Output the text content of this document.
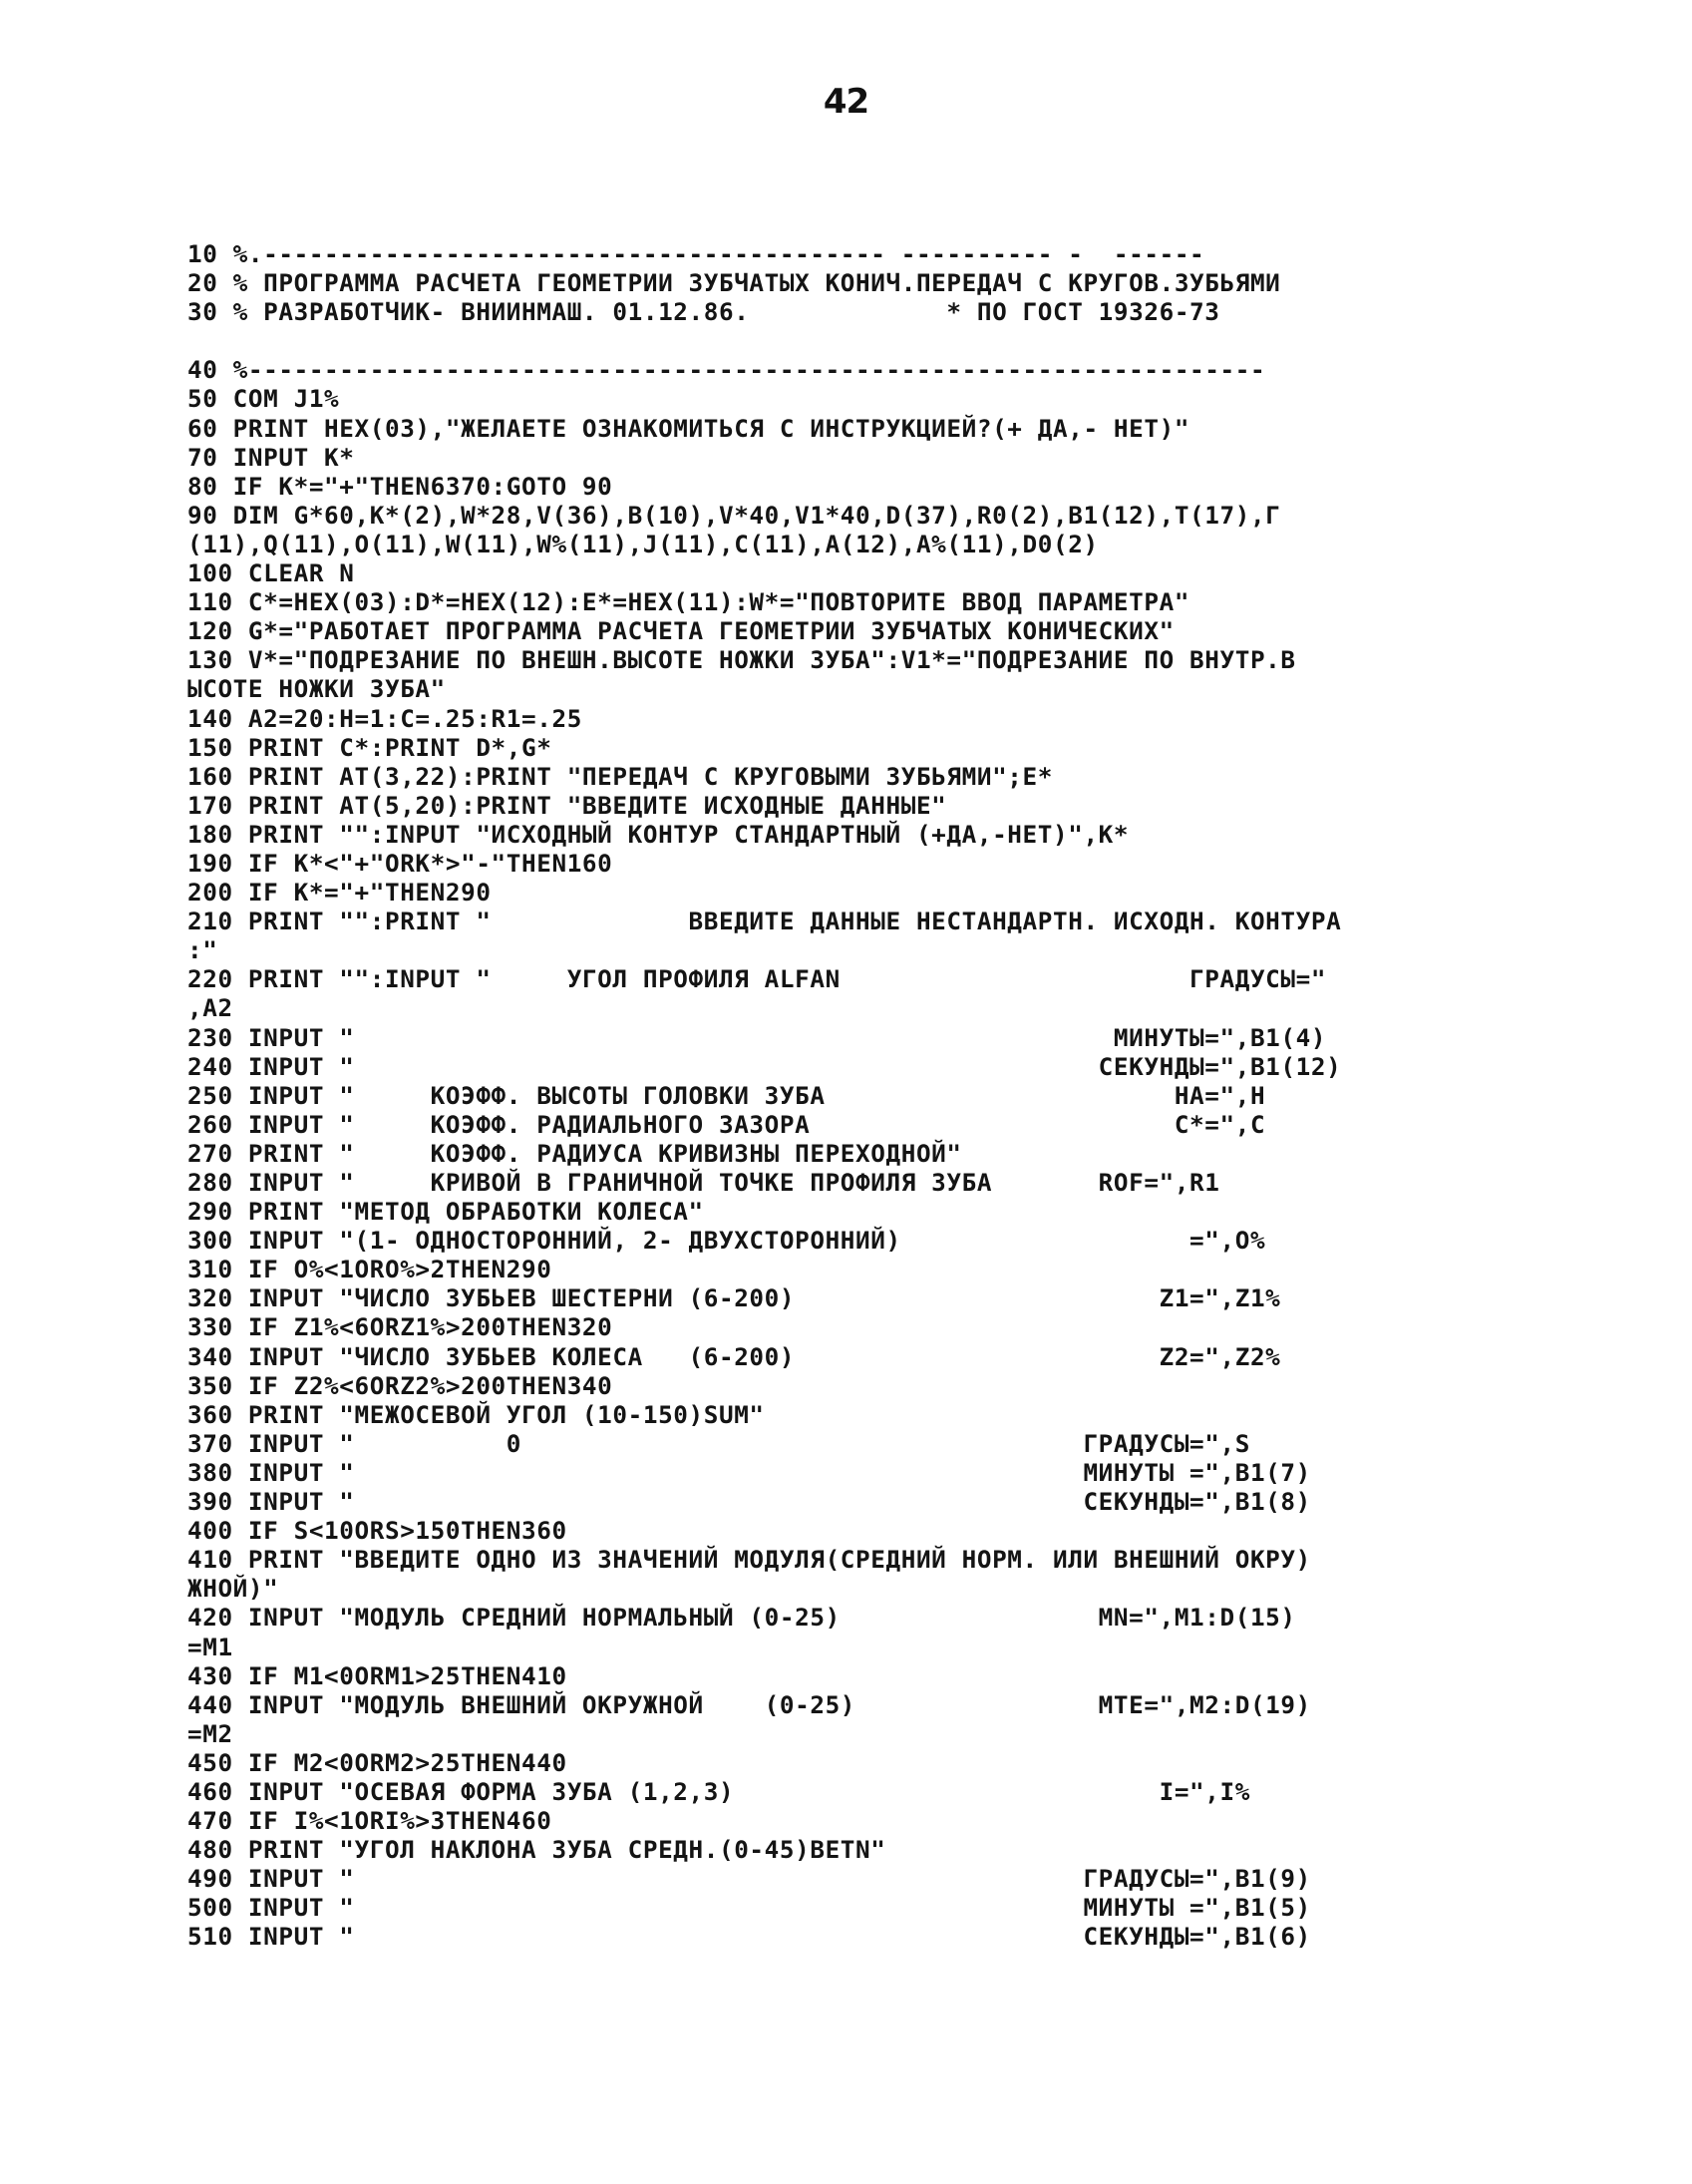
42
10 %.----------------------------------------- ---------- -  ------
20 % ПРОГРАММА РАСЧЕТА ГЕОМЕТРИИ ЗУБЧАТЫХ КОНИЧ.ПЕРЕДАЧ С КРУГОВ.ЗУБЬЯМИ
30 % РАЗРАБОТЧИК- ВНИИНМАШ. 01.12.86.             * ПО ГОСТ 19326-73
40 %-------------------------------------------------------------------
50 COM J1%
60 PRINT HEX(03),"ЖЕЛАЕТЕ ОЗНАКОМИТЬСЯ С ИНСТРУКЦИЕЙ?(+ ДА,- НЕТ)"
70 INPUT K*
80 IF K*="+"THEN6370:GOTO 90
90 DIM G*60,K*(2),W*28,V(36),B(10),V*40,V1*40,D(37),R0(2),B1(12),T(17),Г
(11),Q(11),O(11),W(11),W%(11),J(11),C(11),A(12),A%(11),D0(2)
100 CLEAR N
110 C*=HEX(03):D*=HEX(12):E*=HEX(11):W*="ПОВТОРИТЕ ВВОД ПАРАМЕТРА"
120 G*="РАБОТАЕТ ПРОГРАММА РАСЧЕТА ГЕОМЕТРИИ ЗУБЧАТЫХ КОНИЧЕСКИХ"
130 V*="ПОДРЕЗАНИЕ ПО ВНЕШН.ВЫСОТЕ НОЖКИ ЗУБА":V1*="ПОДРЕЗАНИЕ ПО ВНУТР.В
ЫСОТЕ НОЖКИ ЗУБА"
140 A2=20:H=1:C=.25:R1=.25
150 PRINT C*:PRINT D*,G*
160 PRINT AT(3,22):PRINT "ПЕРЕДАЧ С КРУГОВЫМИ ЗУБЬЯМИ";E*
170 PRINT AT(5,20):PRINT "ВВЕДИТЕ ИСХОДНЫЕ ДАННЫЕ"
180 PRINT "":INPUT "ИСХОДНЫЙ КОНТУР СТАНДАРТНЫЙ (+ДА,-НЕТ)",K*
190 IF K*<"+"ORK*>"-"THEN160
200 IF K*="+"THEN290
210 PRINT "":PRINT "             ВВЕДИТЕ ДАННЫЕ НЕСТАНДАРТН. ИСХОДН. КОНТУРА
:"
220 PRINT "":INPUT "     УГОЛ ПРОФИЛЯ ALFAN                       ГРАДУСЫ="
,A2
230 INPUT "                                                  МИНУТЫ=",B1(4)
240 INPUT "                                                 СЕКУНДЫ=",B1(12)
250 INPUT "     КОЭФФ. ВЫСОТЫ ГОЛОВКИ ЗУБА                       HA=",H
260 INPUT "     КОЭФФ. РАДИАЛЬНОГО ЗАЗОРА                        C*=",C
270 PRINT "     КОЭФФ. РАДИУСА КРИВИЗНЫ ПЕРЕХОДНОЙ"
280 INPUT "     КРИВОЙ В ГРАНИЧНОЙ ТОЧКЕ ПРОФИЛЯ ЗУБА       ROF=",R1
290 PRINT "МЕТОД ОБРАБОТКИ КОЛЕСА"
300 INPUT "(1- ОДНОСТОРОННИЙ, 2- ДВУХСТОРОННИЙ)                   =",O%
310 IF O%<1ORO%>2THEN290
320 INPUT "ЧИСЛО ЗУБЬЕВ ШЕСТЕРНИ (6-200)                        Z1=",Z1%
330 IF Z1%<6ORZ1%>200THEN320
340 INPUT "ЧИСЛО ЗУБЬЕВ КОЛЕСА   (6-200)                        Z2=",Z2%
350 IF Z2%<6ORZ2%>200THEN340
360 PRINT "МЕЖОСЕВОЙ УГОЛ (10-150)SUM"
370 INPUT "          0                                     ГРАДУСЫ=",S
380 INPUT "                                                МИНУТЫ =",B1(7)
390 INPUT "                                                СЕКУНДЫ=",B1(8)
400 IF S<10ORS>150THEN360
410 PRINT "ВВЕДИТЕ ОДНО ИЗ ЗНАЧЕНИЙ МОДУЛЯ(СРЕДНИЙ НОРМ. ИЛИ ВНЕШНИЙ ОКРУ)
ЖНОЙ)"
420 INPUT "МОДУЛЬ СРЕДНИЙ НОРМАЛЬНЫЙ (0-25)                 MN=",M1:D(15)
=M1
430 IF M1<0ORM1>25THEN410
440 INPUT "МОДУЛЬ ВНЕШНИЙ ОКРУЖНОЙ    (0-25)                MTE=",M2:D(19)
=M2
450 IF M2<0ORM2>25THEN440
460 INPUT "ОСЕВАЯ ФОРМА ЗУБА (1,2,3)                            I=",I%
470 IF I%<1ORI%>3THEN460
480 PRINT "УГОЛ НАКЛОНА ЗУБА СРЕДН.(0-45)BETN"
490 INPUT "                                                ГРАДУСЫ=",B1(9)
500 INPUT "                                                МИНУТЫ =",B1(5)
510 INPUT "                                                СЕКУНДЫ=",B1(6)
